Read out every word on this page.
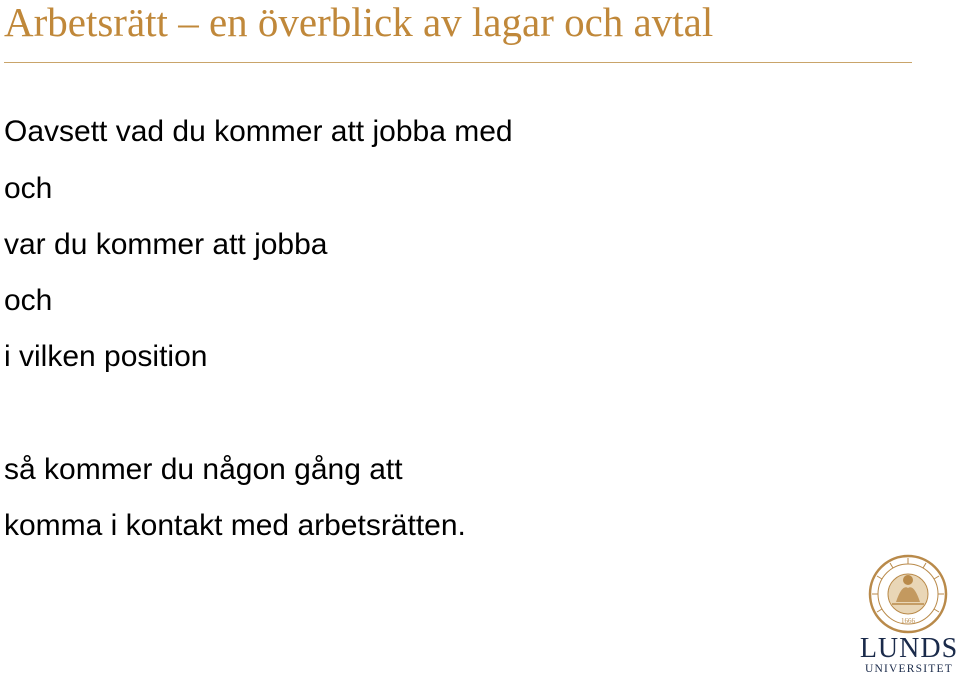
Arbetsrätt – en överblick av lagar och avtal
Oavsett vad du kommer att jobba med
och
var du kommer att jobba
och
i vilken position
så kommer du någon gång att
komma i kontakt med arbetsrätten.
1666
LUNDS
UNIVERSITET
